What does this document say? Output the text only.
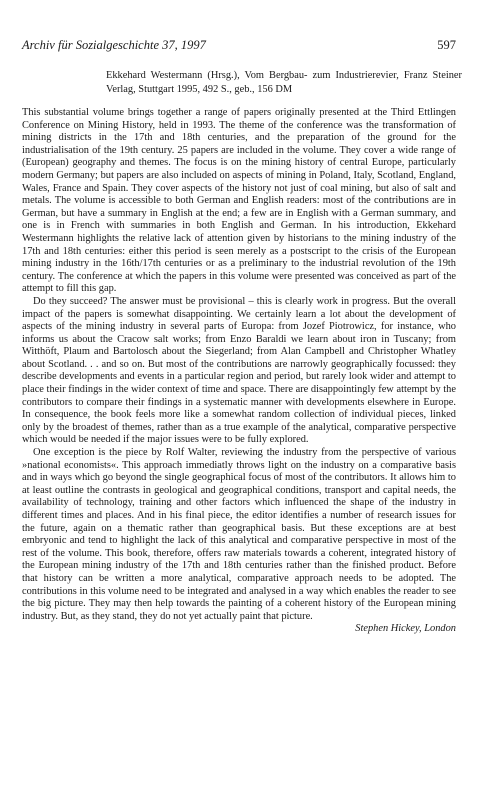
Archiv für Sozialgeschichte 37, 1997	597
Ekkehard Westermann (Hrsg.), Vom Bergbau- zum Industrierevier, Franz Steiner Verlag, Stuttgart 1995, 492 S., geb., 156 DM

This substantial volume brings together a range of papers originally presented at the Third Ettlingen Conference on Mining History, held in 1993. The theme of the conference was the transformation of mining districts in the 17th and 18th centuries, and the preparation of the ground for the industrialisation of the 19th century. 25 papers are included in the volume. They cover a wide range of (European) geography and themes. The focus is on the mining history of central Europe, particularly modern Germany; but papers are also included on aspects of mining in Poland, Italy, Scotland, England, Wales, France and Spain. They cover aspects of the history not just of coal mining, but also of salt and metals. The volume is accessible to both German and English readers: most of the contributions are in German, but have a summary in English at the end; a few are in English with a German summary, and one is in French with summaries in both English and German. In his introduction, Ekkehard Westermann highlights the relative lack of attention given by historians to the mining industry of the 17th and 18th centuries: either this period is seen merely as a postscript to the crisis of the European mining industry in the 16th/17th centuries or as a preliminary to the industrial revolution of the 19th century. The conference at which the papers in this volume were presented was conceived as part of the attempt to fill this gap.

Do they succeed? The answer must be provisional – this is clearly work in progress. But the overall impact of the papers is somewhat disappointing. We certainly learn a lot about the development of aspects of the mining industry in several parts of Europa: from Jozef Piotrowicz, for instance, who informs us about the Cracow salt works; from Enzo Baraldi we learn about iron in Tuscany; from Witthöft, Plaum and Bartolosch about the Siegerland; from Alan Campbell and Christopher Whatley about Scotland. . . and so on. But most of the contributions are narrowly geographically focussed: they describe developments and events in a particular region and period, but rarely look wider and attempt to place their findings in the wider context of time and space. There are disappointingly few attempt by the contributors to compare their findings in a systematic manner with developments elsewhere in Europe. In consequence, the book feels more like a somewhat random collection of individual pieces, linked only by the broadest of themes, rather than as a true example of the analytical, comparative perspective which would be needed if the major issues were to be fully explored.

One exception is the piece by Rolf Walter, reviewing the industry from the perspective of various »national economists«. This approach immediatly throws light on the industry on a comparative basis and in ways which go beyond the single geographical focus of most of the contributors. It allows him to at least outline the contrasts in geological and geographical conditions, transport and capital needs, the availability of technology, training and other factors which influenced the shape of the industry in different times and places. And in his final piece, the editor identifies a number of research issues for the future, again on a thematic rather than geographical basis. But these exceptions are at best embryonic and tend to highlight the lack of this analytical and comparative perspective in most of the rest of the volume. This book, therefore, offers raw materials towards a coherent, integrated history of the European mining industry of the 17th and 18th centuries rather than the finished product. Before that history can be written a more analytical, comparative approach needs to be adopted. The contributions in this volume need to be integrated and analysed in a way which enables the reader to see the big picture. They may then help towards the painting of a coherent history of the European mining industry. But, as they stand, they do not yet actually paint that picture.

Stephen Hickey, London
